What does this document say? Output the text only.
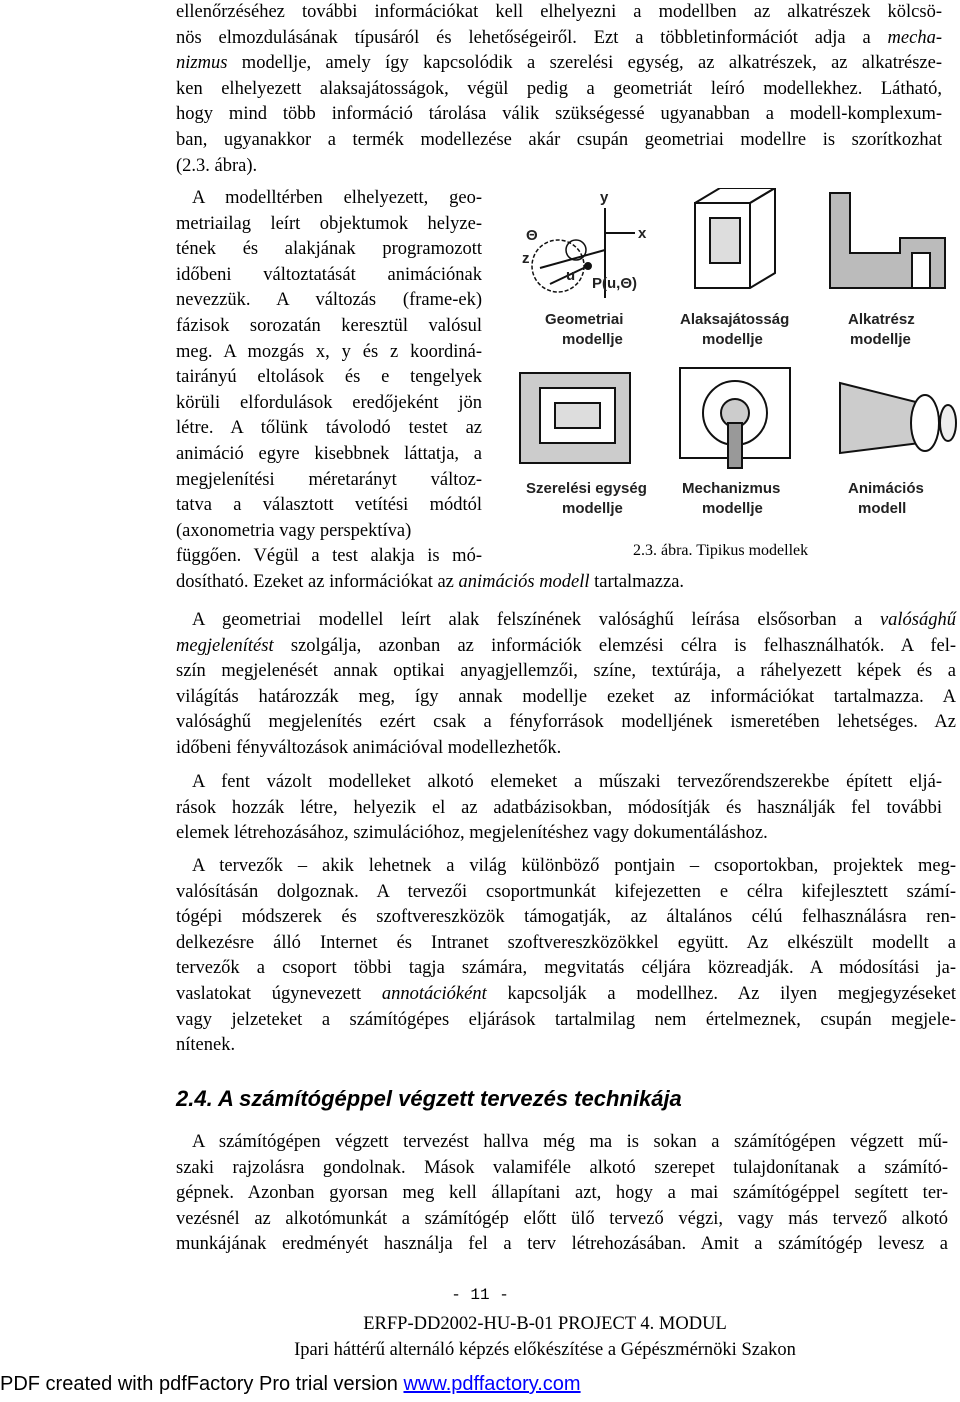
ellenőrzéséhez további információkat kell elhelyezni a modellben az alkatrészek kölcsö-
nös elmozdulásának típusáról és lehetőségeiről. Ezt a többletinformációt adja a mecha-
nizmus modellje, amely így kapcsolódik a szerelési egység, az alkatrészek, az alkatrésze-
ken elhelyezett alaksajátosságok, végül pedig a geometriát leíró modellekhez. Látható,
hogy mind több információ tárolása válik szükségessé ugyanabban a modell-komplexum-
ban, ugyanakkor a termék modellezése akár csupán geometriai modellre is szorítkozhat
(2.3. ábra).

A modelltérben elhelyezett, geo-
metriailag leírt objektumok helyze-
tének és alakjának programozott
időbeni változtatását animációnak
nevezzük. A változás (frame-ek)
fázisok sorozatán keresztül valósul
meg. A mozgás x, y és z koordiná-
tairányú eltolások és e tengelyek
körüli elfordulások eredőjeként jön
létre. A tőlünk távolodó testet az
animáció egyre kisebbnek láttatja, a
megjelenítési méretarányt változ-
tatva a választott vetítési módtól
(axonometria vagy perspektíva)
függően. Végül a test alakja is mó-

dosítható. Ezeket az információkat az animációs modell tartalmazza.

y
x
z
Θ
u P(u,Θ)
Geometriai
modellje
Alaksajátosság
modellje
Alkatrész
modellje
Szerelési egység
modellje
Mechanizmus
modellje
Animációs
modell
2.3. ábra. Tipikus modellek

A geometriai modellel leírt alak felszínének valósághű leírása elsősorban a valósághű
megjelenítést szolgálja, azonban az információk elemzési célra is felhasználhatók. A fel-
szín megjelenését annak optikai anyagjellemzői, színe, textúrája, a ráhelyezett képek és a
világítás határozzák meg, így annak modellje ezeket az információkat tartalmazza. A
valósághű megjelenítés ezért csak a fényforrások modelljének ismeretében lehetséges. Az
időbeni fényváltozások animációval modellezhetők.

A fent vázolt modelleket alkotó elemeket a műszaki tervezőrendszerekbe épített eljá-
rások hozzák létre, helyezik el az adatbázisokban, módosítják és használják fel további
elemek létrehozásához, szimulációhoz, megjelenítéshez vagy dokumentáláshoz.

A tervezők – akik lehetnek a világ különböző pontjain – csoportokban, projektek meg-
valósításán dolgoznak. A tervezői csoportmunkát kifejezetten e célra kifejlesztett számí-
tógépi módszerek és szoftvereszközök támogatják, az általános célú felhasználásra ren-
delkezésre álló Internet és Intranet szoftvereszközökkel együtt. Az elkészült modellt a
tervezők a csoport többi tagja számára, megvitatás céljára közreadják. A módosítási ja-
vaslatokat úgynevezett annotációként kapcsolják a modellhez. Az ilyen megjegyzéseket
vagy jelzeteket a számítógépes eljárások tartalmilag nem értelmeznek, csupán megjele-
nítenek.

2.4. A számítógéppel végzett tervezés technikája

A számítógépen végzett tervezést hallva még ma is sokan a számítógépen végzett mű-
szaki rajzolásra gondolnak. Mások valamiféle alkotó szerepet tulajdonítanak a számító-
gépnek. Azonban gyorsan meg kell állapítani azt, hogy a mai számítógéppel segített ter-
vezésnél az alkotómunkát a számítógép előtt ülő tervező végzi, vagy más tervező alkotó
munkájának eredményét használja fel a terv létrehozásában. Amit a számítógép levesz a

- 11 -
ERFP-DD2002-HU-B-01 PROJECT 4. MODUL
Ipari háttérű alternáló képzés előkészítése a Gépészmérnöki Szakon
PDF created with pdfFactory Pro trial version www.pdffactory.com
